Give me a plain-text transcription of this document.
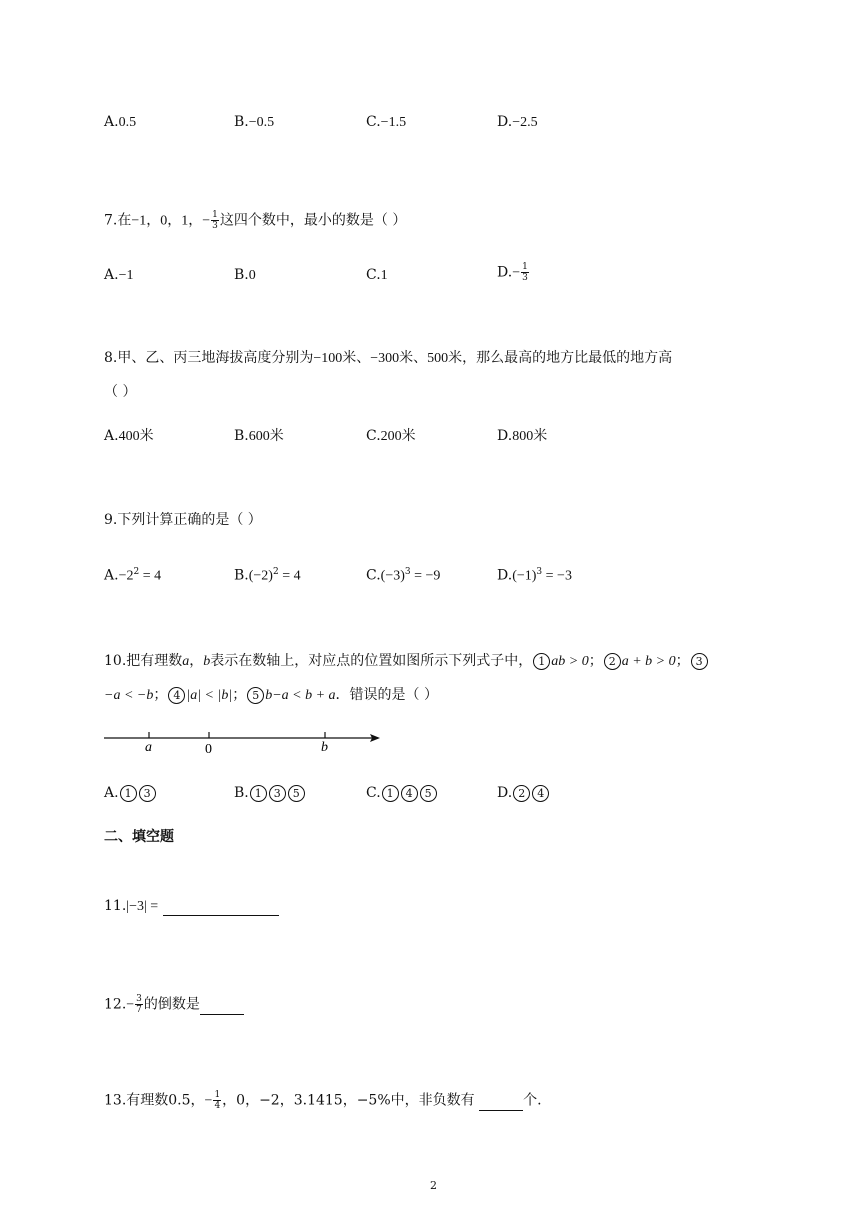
A.0.5	B.−0.5	C.−1.5	D.−2.5
7.在−1，0，1，− $\frac{1}{3}$ 这四个数中，最小的数是（ ）
A.−1	B.0	C.1	$D.- \frac{1}{3}$
8.甲、乙、丙三地海拔高度分别为−100米、−300米、500米，那么最高的地方比最低的地方高
（ ）
A.400米	B.600米	C.200米	D.800米
9.下列计算正确的是（ ）
$A.-2^2 = 4$	$B.(-2)^2 = 4$	$C.(-3)^3 = -9$	$D.(-1)^3 = -3$
10.把有理数a，b表示在数轴上，对应点的位置如图所示下列式子中， 1 ab > 0； 2 a + b > 0； 3
−a < −b； 4 |a| < |b|； 5 b−a < b + a．错误的是（ ）
a	0	b
A. 1 3	B. 1 3 5	C. 1 4 5	D. 2 4
二、填空题
11.|−3| =
$12.- \frac{3}{7}$ 的倒数是
13.有理数0.5，− $\frac{1}{4}$ ，0，−2，3.1415，−5%中，非负数有	个.
2
